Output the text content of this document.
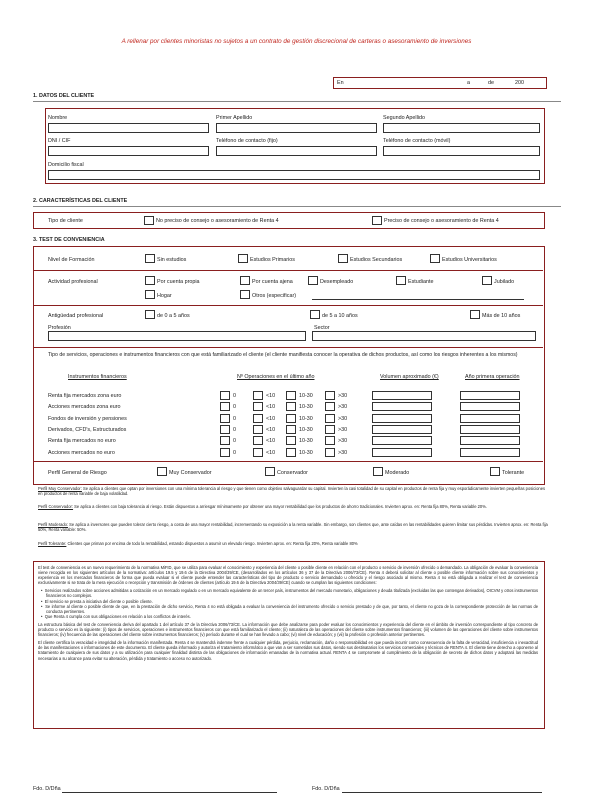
A rellenar por clientes minoristas no sujetos a un contrato de gestión discrecional de carteras o asesoramiento de inversiones
En	a	de	200
1. DATOS DEL CLIENTE
Nombre	Primer Apellido	Segundo Apellido
DNI / CIF	Teléfono de contacto (fijo)	Teléfono de contacto (móvil)
Domicilio fiscal
2. CARACTERÍSTICAS DEL CLIENTE
Tipo de cliente	No preciso de consejo o asesoramiento de Renta 4	Preciso de consejo o asesoramiento de Renta 4
3. TEST DE CONVENIENCIA
Nivel de Formación	Sin estudios	Estudios Primarios	Estudios Secundarios	Estudios Universitarios
Actividad profesional	Por cuenta propia	Por cuenta ajena	Desempleado	Estudiante	Jubilado
Hogar	Otros (especificar)
Antigüedad profesional	de 0 a 5 años	de 5 a 10 años	Más de 10 años
Profesión	Sector
Tipo de servicios, operaciones e instrumentos financieros con que está familiarizado el cliente (el cliente manifiesta conocer la operativa de dichos productos, así como los riesgos inherentes a los mismos)
Instrumentos financieros	Nº Operaciones en el último año	Volumen aproximado (€)	Año primera operación
Renta fija mercados zona euro	0	<10	10-30	>30
Acciones mercados zona euro	0	<10	10-30	>30
Fondos de inversión y pensiones	0	<10	10-30	>30
Derivados, CFD's, Estructurados	0	<10	10-30	>30
Renta fija mercados no euro	0	<10	10-30	>30
Acciones mercados no euro	0	<10	10-30	>30
Perfil General de Riesgo	Muy Conservador	Conservador	Moderado	Tolerante
Perfil Muy Conservador: Se aplica a clientes que optan por inversiones con una mínima tolerancia al riesgo y que tienen como objetivo salvaguardar su capital. Invierten la casi totalidad de su capital en productos de renta fija y muy esporádicamente invierten pequeñas posiciones en productos de renta variable de baja volatilidad.
Perfil Conservador: Se aplica a clientes con baja tolerancia al riesgo. Están dispuestos a arriesgar mínimamente por obtener una mayor rentabilidad que los productos de ahorro tradicionales. Invierten aprox. en: Renta fija 80%, Renta variable 20%.
Perfil Moderado: Se aplica a inversores que pueden tolerar cierto riesgo, a costa de una mayor rentabilidad, incrementando su exposición a la renta variable. Sin embargo, son clientes que, ante caídas en las rentabilidades quieren limitar sus pérdidas. Invierten aprox. en: Renta fija 50%, Renta variable: 50%.
Perfil Tolerante: Clientes que priman por encima de todo la rentabilidad, estando dispuestos a asumir un elevado riesgo. Invierten aprox. en: Renta fija 20%, Renta variable 80%

El test de conveniencia es un nuevo requerimiento de la normativa MiFID, que se utiliza para evaluar el conocimiento y experiencia del cliente o posible cliente en relación con el producto o servicio de inversión ofrecido o demandado. La obligación de evaluar la conveniencia viene recogida en los siguientes artículos de la normativa: artículos 19.5 y 19.6 de la Directiva 2004/39/CE, (desarrollados en los artículos 36 y 37 de la Directiva 2006/73/CE). Renta 4 deberá solicitar al cliente o posible cliente información sobre sus conocimientos y experiencia en los mercados financieros de forma que pueda evaluar si el cliente puede entender las características del tipo de producto o servicio demandado u ofrecido y el riesgo asociado al mismo. Renta 4 no está obligada a realizar el test de conveniencia exclusivamente si se trata de la mera ejecución o recepción y transmisión de órdenes de clientes (artículo 19.6 de la Directiva 2004/39/CE) cuando se cumplan las siguientes condiciones:

•  Servicios realizados sobre acciones admitidas a cotización en un mercado regulado o en un mercado equivalente de un tercer país, instrumentos del mercado monetario, obligaciones y deuda titulizada (excluidas las que contengan derivados), OICVM y otros instrumentos financieros no complejos.

•  El servicio se presta a iniciativa del cliente o posible cliente.

•  Se informe al cliente o posible cliente de que, en la prestación de dicho servicio, Renta 4 no está obligada a evaluar la conveniencia del instrumento ofrecido o servicio prestado y de que, por tanto, el cliente no goza de la correspondiente protección de las normas de conducta pertinentes.

•  Que Renta 4 cumpla con sus obligaciones en relación a los conflictos de interés.

La estructura básica del test de conveniencia deriva del apartado 1 del artículo 37 de la Directiva 2006/73/CE. La información que debe analizarse para poder evaluar los conocimientos y experiencia del cliente en el ámbito de inversión correspondiente al tipo concreto de producto o servicio es la siguiente: (i) tipos de servicios, operaciones e instrumentos financieros con que está familiarizado el cliente; (ii) naturaleza de las operaciones del cliente sobre instrumentos financieros; (iii) volumen de las operaciones del cliente sobre instrumentos financieros; (iv) frecuencia de las operaciones del cliente sobre instrumentos financieros; (v) período durante el cual se han llevado a cabo; (vi) nivel de educación; y (vii) la profesión o profesión anterior pertinentes.

El cliente certifica la veracidad e integridad de la información manifestada. Renta 4 se mantendrá indemne frente a cualquier pérdida, perjuicio, reclamación, daño o responsabilidad en que pueda incurrir como consecuencia de la falta de veracidad, insuficiencia o inexactitud de las manifestaciones o informaciones de este documento. El cliente queda informado y autoriza el tratamiento informático a que van a ser sometidos sus datos, siendo sus destinatarios los servicios comerciales y técnicos de RENTA 4. El cliente tiene derecho a oponerse al tratamiento de cualquiera de sus datos y a su utilización para cualquier finalidad distinta de las obligaciones de información emanadas de la normativa actual. RENTA 4 se compromete al cumplimiento de la obligación de secreto de dichos datos y adoptará las medidas necesarias a su alcance para evitar su alteración, pérdida y tratamiento o acceso no autorizado.

Fdo. D/Dña	Fdo. D/Dña
